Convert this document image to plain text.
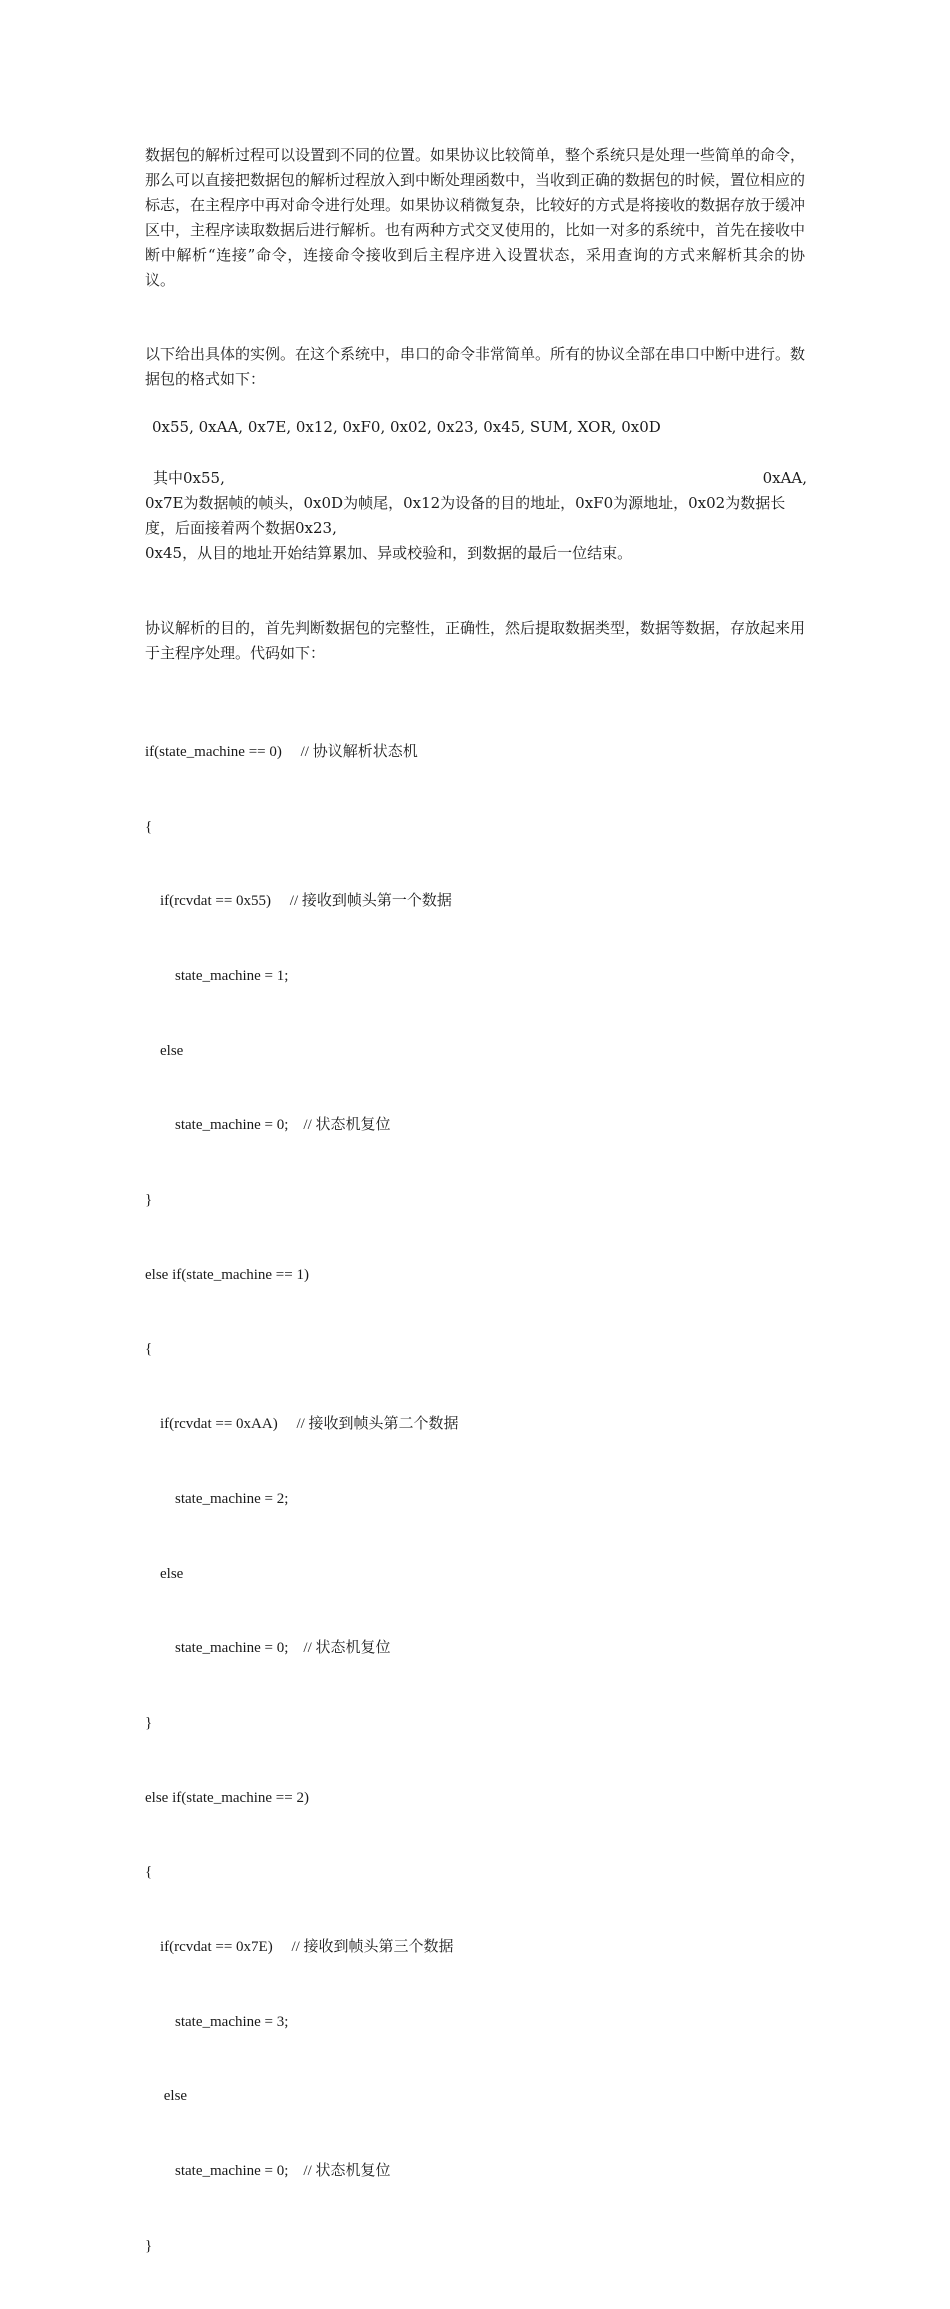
数据包的解析过程可以设置到不同的位置。如果协议比较简单，整个系统只是处理一些简单的命令，那么可以直接把数据包的解析过程放入到中断处理函数中，当收到正确的数据包的时候，置位相应的标志，在主程序中再对命令进行处理。如果协议稍微复杂，比较好的方式是将接收的数据存放于缓冲区中，主程序读取数据后进行解析。也有两种方式交叉使用的，比如一对多的系统中，首先在接收中断中解析“连接”命令，连接命令接收到后主程序进入设置状态，采用查询的方式来解析其余的协议。

以下给出具体的实例。在这个系统中，串口的命令非常简单。所有的协议全部在串口中断中进行。数据包的格式如下：

0x55, 0xAA, 0x7E, 0x12, 0xF0, 0x02, 0x23, 0x45, SUM, XOR, 0x0D

其中0x55,	0xAA,
0x7E为数据帧的帧头，0x0D为帧尾，0x12为设备的目的地址，0xF0为源地址，0x02为数据长度，后面接着两个数据0x23,
0x45，从目的地址开始结算累加、异或校验和，到数据的最后一位结束。

协议解析的目的，首先判断数据包的完整性，正确性，然后提取数据类型，数据等数据，存放起来用于主程序处理。代码如下：

if(state_machine == 0)     // 协议解析状态机

{

if(rcvdat == 0x55)     // 接收到帧头第一个数据

state_machine = 1;

else

state_machine = 0;    // 状态机复位

}

else if(state_machine == 1)

{

if(rcvdat == 0xAA)     // 接收到帧头第二个数据

state_machine = 2;

else

state_machine = 0;    // 状态机复位

}

else if(state_machine == 2)

{

if(rcvdat == 0x7E)     // 接收到帧头第三个数据

state_machine = 3;

else

state_machine = 0;    // 状态机复位

}
